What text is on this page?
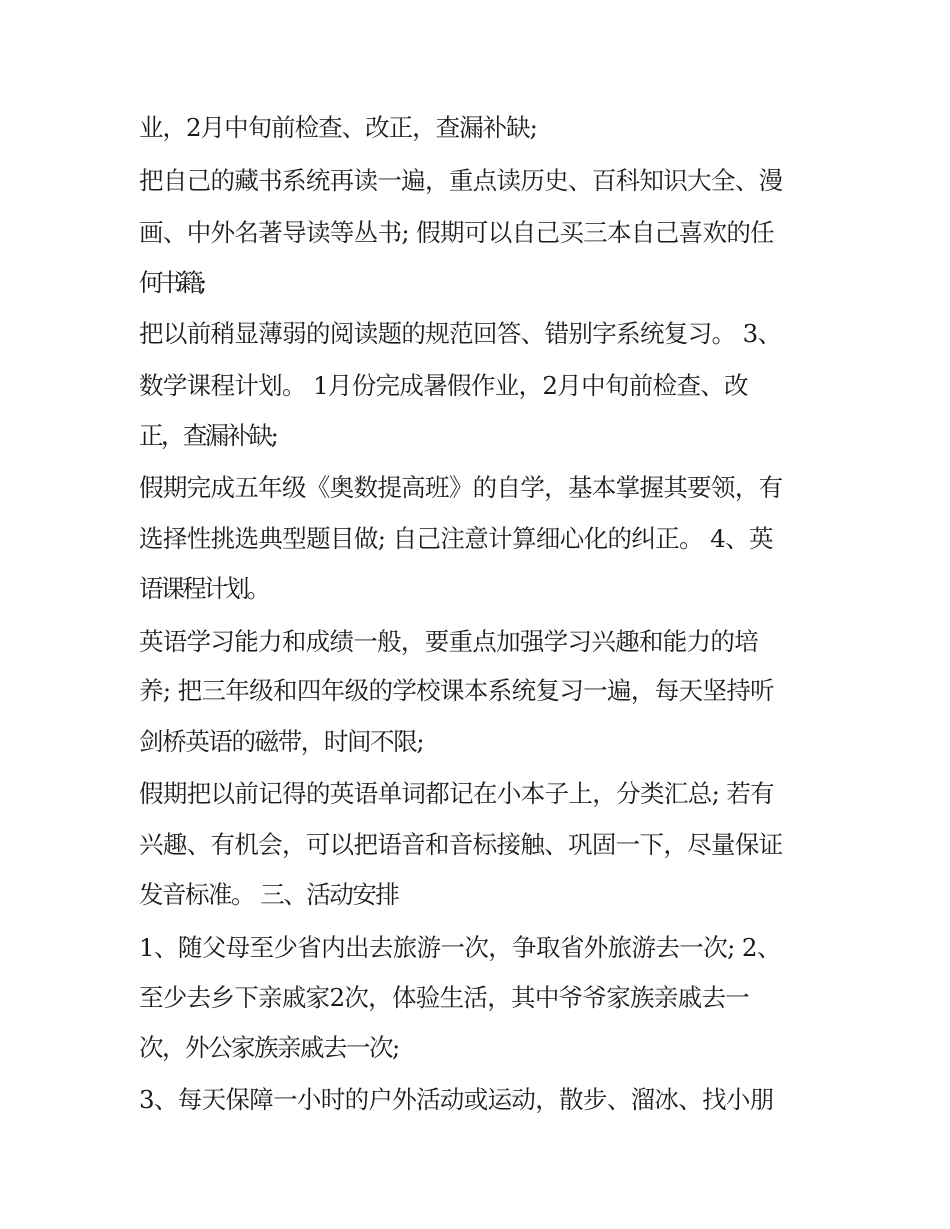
业，2月中旬前检查、改正，查漏补缺;
把自己的藏书系统再读一遍，重点读历史、百科知识大全、漫
画、中外名著导读等丛书; 假期可以自己买三本自己喜欢的任
何书籍;
把以前稍显薄弱的阅读题的规范回答、错别字系统复习。 3、
数学课程计划。 1月份完成暑假作业，2月中旬前检查、改
正，查漏补缺;
假期完成五年级《奥数提高班》的自学，基本掌握其要领，有
选择性挑选典型题目做; 自己注意计算细心化的纠正。 4、英
语课程计划。
英语学习能力和成绩一般，要重点加强学习兴趣和能力的培
养; 把三年级和四年级的学校课本系统复习一遍，每天坚持听
剑桥英语的磁带，时间不限;
假期把以前记得的英语单词都记在小本子上，分类汇总; 若有
兴趣、有机会，可以把语音和音标接触、巩固一下，尽量保证
发音标准。 三、活动安排
1、随父母至少省内出去旅游一次，争取省外旅游去一次; 2、
至少去乡下亲戚家2次，体验生活，其中爷爷家族亲戚去一
次，外公家族亲戚去一次;
3、每天保障一小时的户外活动或运动，散步、溜冰、找小朋
